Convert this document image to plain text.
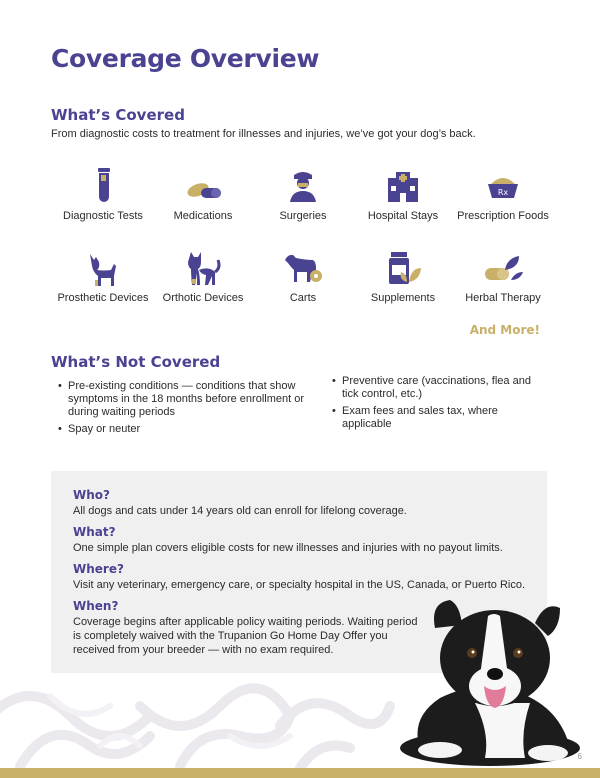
Coverage Overview
What’s Covered
From diagnostic costs to treatment for illnesses and injuries, we’ve got your dog’s back.
Diagnostic Tests	Medications	Surgeries	Hospital Stays
Rx
Prescription Foods
Prosthetic Devices	Orthotic Devices	Carts	Supplements	Herbal Therapy
And More!
What’s Not Covered
• Pre-existing conditions — conditions that show symptoms in the 18 months before enrollment or during waiting periods
• Spay or neuter
• Preventive care (vaccinations, flea and tick control, etc.)
• Exam fees and sales tax, where applicable
Who?
All dogs and cats under 14 years old can enroll for lifelong coverage.
What?
One simple plan covers eligible costs for new illnesses and injuries with no payout limits.
Where?
Visit any veterinary, emergency care, or specialty hospital in the US, Canada, or Puerto Rico.
When?
Coverage begins after applicable policy waiting periods. Waiting period
is completely waived with the Trupanion Go Home Day Offer you
received from your breeder — with no exam required.
6
